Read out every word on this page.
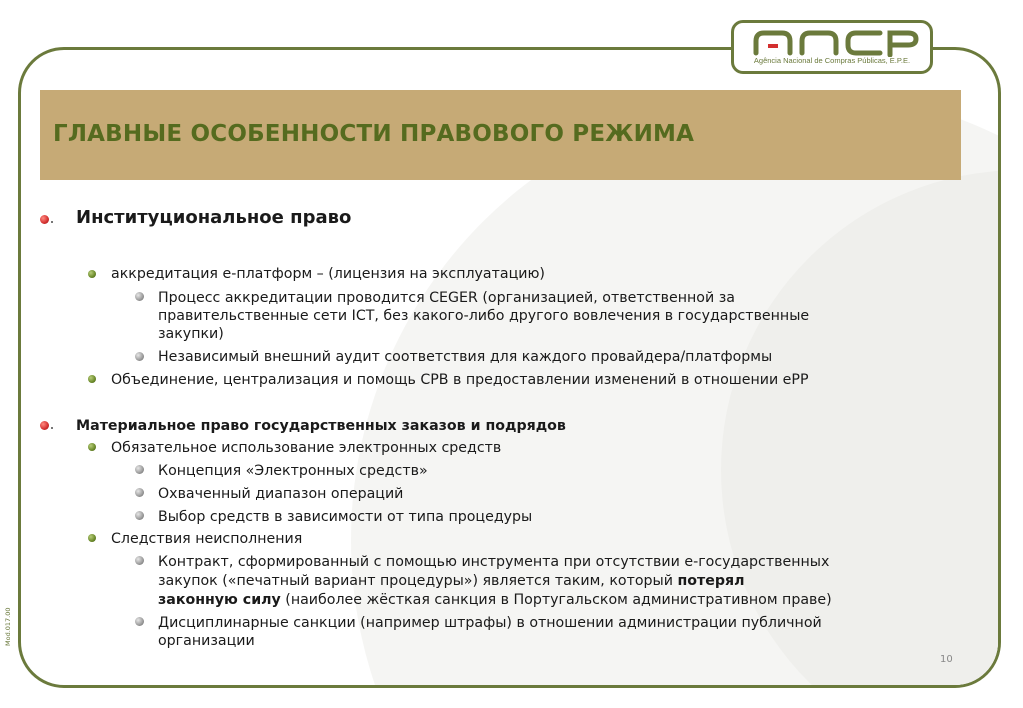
Agência Nacional de Compras Públicas, E.P.E.
ГЛАВНЫЕ ОСОБЕННОСТИ ПРАВОВОГО РЕЖИМА
Институциональное право
аккредитация е-платформ – (лицензия на эксплуатацию)
Процесс аккредитации проводится CEGER (организацией, ответственной за
правительственные сети ICT, без какого-либо другого вовлечения в государственные
закупки)
Независимый внешний аудит соответствия для каждого провайдера/платформы
Объединение, централизация и помощь CPB в предоставлении изменений в отношении ePP
Материальное право государственных заказов и подрядов
Обязательное использование электронных средств
Концепция «Электронных средств»
Охваченный диапазон операций
Выбор средств в зависимости от типа процедуры
Следствия неисполнения
Контракт, сформированный с помощью инструмента при отсутствии е-государственных
закупок («печатный вариант процедуры») является таким, который потерял
законную силу (наиболее жёсткая санкция в Португальском административном праве)
Дисциплинарные санкции (например штрафы) в отношении администрации публичной
организации
10
Mod.017.00
